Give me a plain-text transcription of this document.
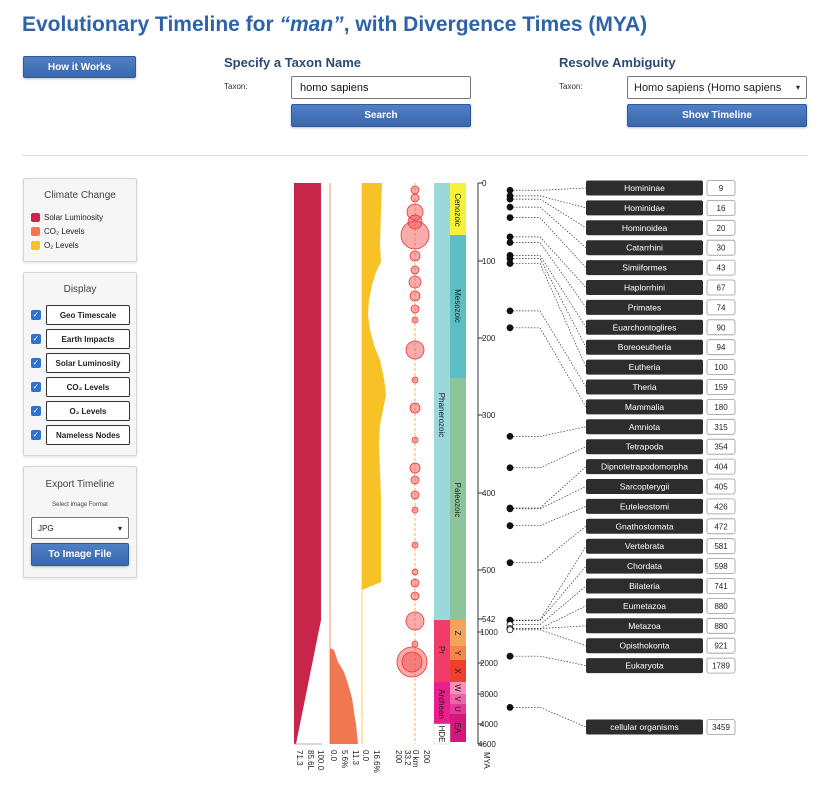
Evolutionary Timeline for “man”, with Divergence Times (MYA)
How it Works	Specify a Taxon Name
Taxon:	homo sapiens
Search
Resolve Ambiguity
Taxon:	Homo sapiens (Homo sapiens ▾
Show Timeline
Climate Change
Solar Luminosity
CO₂ Levels
O₂ Levels
Display
✓	Geo Timescale
✓	Earth Impacts
✓	Solar Luminosity
✓	CO₂ Levels
✓	O₂ Levels
✓	Nameless Nodes
Export Timeline
Select Image Format
JPG	▾
To Image File
Cenozoic
Mesozoic
Paleozoic
Phanerozoic
Pr
Archean
HDE
Z
Y
X
W
V
U
EA
0
100
200
300
400
500
542
1000
2000
3000
4000
4600
MYA
71.3 85.6L 100.0 0.0 5.6% 11.3 0.0 16.6% 200 33.2 0 km 200
Homininae	9
Hominidae	16
Hominoidea	20
Catarrhini	30
Simiiformes	43
Haplorrhini	67
Primates	74
Euarchontoglires	90
Boreoeutheria	94
Eutheria	100
Theria	159
Mammalia	180
Amniota	315
Tetrapoda	354
Dipnotetrapodomorpha	404
Sarcopterygii	405
Euteleostomi	426
Gnathostomata	472
Vertebrata	581
Chordata	598
Bilateria	741
Eumetazoa	880
Metazoa	880
Opisthokonta	921
Eukaryota	1789
cellular organisms	3459
